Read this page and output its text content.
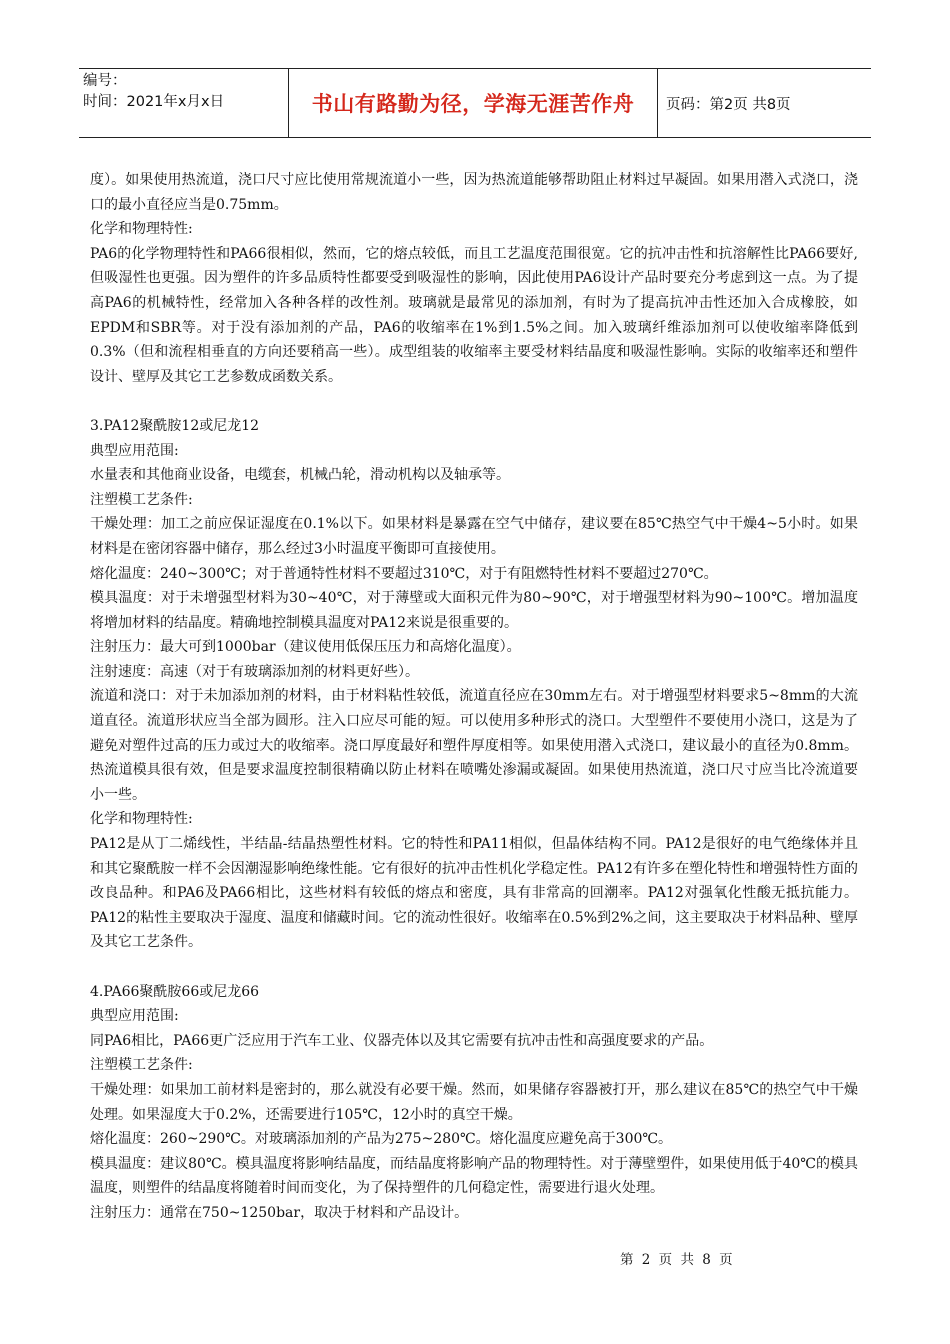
编号：
时间：2021年x月x日	书山有路勤为径，学海无涯苦作舟	页码：第2页 共8页

度）。如果使用热流道，浇口尺寸应比使用常规流道小一些，因为热流道能够帮助阻止材料过早凝固。如果用潜入式浇口，浇口的最小直径应当是0.75mm。

化学和物理特性:

PA6的化学物理特性和PA66很相似，然而，它的熔点较低，而且工艺温度范围很宽。它的抗冲击性和抗溶解性比PA66要好,但吸湿性也更强。因为塑件的许多品质特性都要受到吸湿性的影响，因此使用PA6设计产品时要充分考虑到这一点。为了提高PA6的机械特性，经常加入各种各样的改性剂。玻璃就是最常见的添加剂，有时为了提高抗冲击性还加入合成橡胶，如EPDM和SBR等。对于没有添加剂的产品，PA6的收缩率在1%到1.5%之间。加入玻璃纤维添加剂可以使收缩率降低到0.3%（但和流程相垂直的方向还要稍高一些）。成型组装的收缩率主要受材料结晶度和吸湿性影响。实际的收缩率还和塑件设计、壁厚及其它工艺参数成函数关系。

3.PA12聚酰胺12或尼龙12

典型应用范围:

水量表和其他商业设备，电缆套，机械凸轮，滑动机构以及轴承等。

注塑模工艺条件:

干燥处理：加工之前应保证湿度在0.1%以下。如果材料是暴露在空气中储存，建议要在85℃热空气中干燥4~5小时。如果材料是在密闭容器中储存，那么经过3小时温度平衡即可直接使用。

熔化温度：240~300℃；对于普通特性材料不要超过310℃，对于有阻燃特性材料不要超过270℃。

模具温度：对于未增强型材料为30~40℃，对于薄壁或大面积元件为80~90℃，对于增强型材料为90~100℃。增加温度将增加材料的结晶度。精确地控制模具温度对PA12来说是很重要的。

注射压力：最大可到1000bar（建议使用低保压压力和高熔化温度）。

注射速度：高速（对于有玻璃添加剂的材料更好些）。

流道和浇口：对于未加添加剂的材料，由于材料粘性较低，流道直径应在30mm左右。对于增强型材料要求5~8mm的大流道直径。流道形状应当全部为圆形。注入口应尽可能的短。可以使用多种形式的浇口。大型塑件不要使用小浇口，这是为了避免对塑件过高的压力或过大的收缩率。浇口厚度最好和塑件厚度相等。如果使用潜入式浇口，建议最小的直径为0.8mm。热流道模具很有效，但是要求温度控制很精确以防止材料在喷嘴处渗漏或凝固。如果使用热流道，浇口尺寸应当比冷流道要小一些。

化学和物理特性:

PA12是从丁二烯线性，半结晶-结晶热塑性材料。它的特性和PA11相似，但晶体结构不同。PA12是很好的电气绝缘体并且和其它聚酰胺一样不会因潮湿影响绝缘性能。它有很好的抗冲击性机化学稳定性。PA12有许多在塑化特性和增强特性方面的改良品种。和PA6及PA66相比，这些材料有较低的熔点和密度，具有非常高的回潮率。PA12对强氧化性酸无抵抗能力。PA12的粘性主要取决于湿度、温度和储藏时间。它的流动性很好。收缩率在0.5%到2%之间，这主要取决于材料品种、壁厚及其它工艺条件。

4.PA66聚酰胺66或尼龙66

典型应用范围:

同PA6相比，PA66更广泛应用于汽车工业、仪器壳体以及其它需要有抗冲击性和高强度要求的产品。

注塑模工艺条件:

干燥处理：如果加工前材料是密封的，那么就没有必要干燥。然而，如果储存容器被打开，那么建议在85℃的热空气中干燥处理。如果湿度大于0.2%，还需要进行105℃，12小时的真空干燥。

熔化温度：260~290℃。对玻璃添加剂的产品为275~280℃。熔化温度应避免高于300℃。

模具温度：建议80℃。模具温度将影响结晶度，而结晶度将影响产品的物理特性。对于薄壁塑件，如果使用低于40℃的模具温度，则塑件的结晶度将随着时间而变化，为了保持塑件的几何稳定性，需要进行退火处理。

注射压力：通常在750~1250bar，取决于材料和产品设计。

第 2 页 共 8 页
